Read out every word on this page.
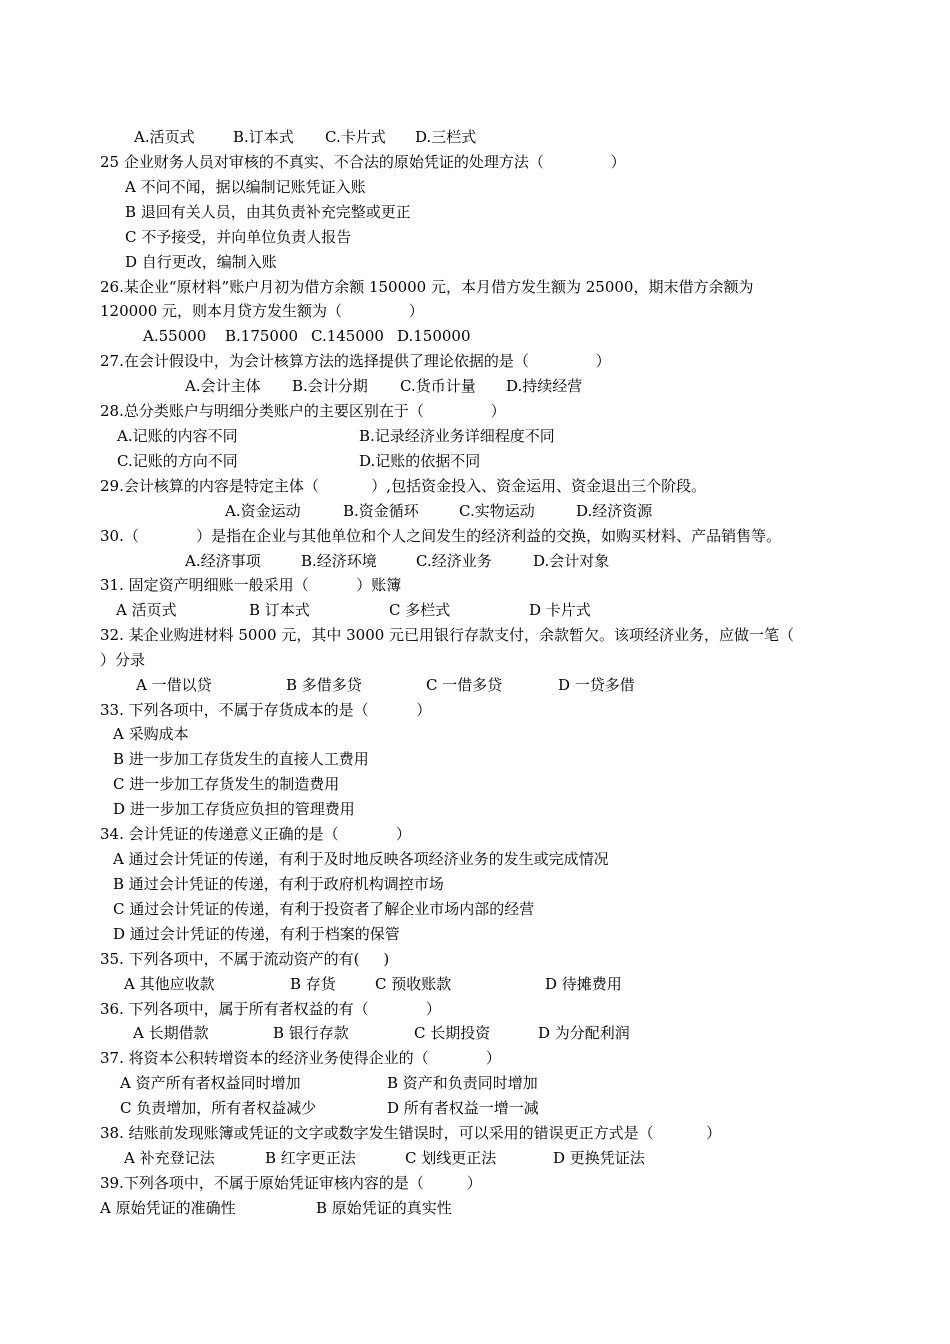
A.活页式

	B.订本式

C.卡片式

D.三栏式

25 企业财务人员对审核的不真实、不合法的原始凭证的处理方法（              ）
A 不问不闻，据以编制记账凭证入账
B 退回有关人员，由其负责补充完整或更正
C 不予接受，并向单位负责人报告
D 自行更改，编制入账
26.某企业“原材料”账户月初为借方余额 150000 元，本月借方发生额为 25000，期末借方余额为
120000 元，则本月贷方发生额为（              ）

A.55000

B.175000

C.145000

D.150000

27.在会计假设中，为会计核算方法的选择提供了理论依据的是（              ）

A.会计主体

B.会计分期

C.货币计量

D.持续经营

28.总分类账户与明细分类账户的主要区别在于（              ）

A.记账的内容不同

	B.记录经济业务详细程度不同

C.记账的方向不同

	D.记账的依据不同

29.会计核算的内容是特定主体（           ）,包括资金投入、资金运用、资金退出三个阶段。

A.资金运动

	B.资金循环

	C.实物运动

	D.经济资源

30.（            ）是指在企业与其他单位和个人之间发生的经济利益的交换，如购买材料、产品销售等。

A.经济事项

	B.经济环境

	C.经济业务

	D.会计对象

31. 固定资产明细账一般采用（          ）账簿

A 活页式

	B 订本式

	C 多栏式

	D 卡片式

32. 某企业购进材料 5000 元，其中 3000 元已用银行存款支付，余款暂欠。该项经济业务，应做一笔（
）分录

A 一借以贷

	B 多借多贷

	C 一借多贷

	D 一贷多借

33. 下列各项中，不属于存货成本的是（          ）
A 采购成本
B 进一步加工存货发生的直接人工费用
C 进一步加工存货发生的制造费用
D 进一步加工存货应负担的管理费用
34. 会计凭证的传递意义正确的是（            ）
A 通过会计凭证的传递，有利于及时地反映各项经济业务的发生或完成情况
B 通过会计凭证的传递，有利于政府机构调控市场
C 通过会计凭证的传递，有利于投资者了解企业市场内部的经营
D 通过会计凭证的传递，有利于档案的保管
35. 下列各项中，不属于流动资产的有(     )

A 其他应收款

	B 存货

	C 预收账款

	D 待摊费用

36. 下列各项中，属于所有者权益的有（            ）

A 长期借款

	B 银行存款

	C 长期投资

	D 为分配利润

37. 将资本公积转增资本的经济业务使得企业的（            ）

A 资产所有者权益同时增加

	B 资产和负责同时增加

C 负责增加，所有者权益减少

	D 所有者权益一增一减

38. 结账前发现账簿或凭证的文字或数字发生错误时，可以采用的错误更正方式是（           ）

A 补充登记法

	B 红字更正法

	C 划线更正法

	D 更换凭证法

39.下列各项中，不属于原始凭证审核内容的是（         ）

A 原始凭证的准确性

	B 原始凭证的真实性
